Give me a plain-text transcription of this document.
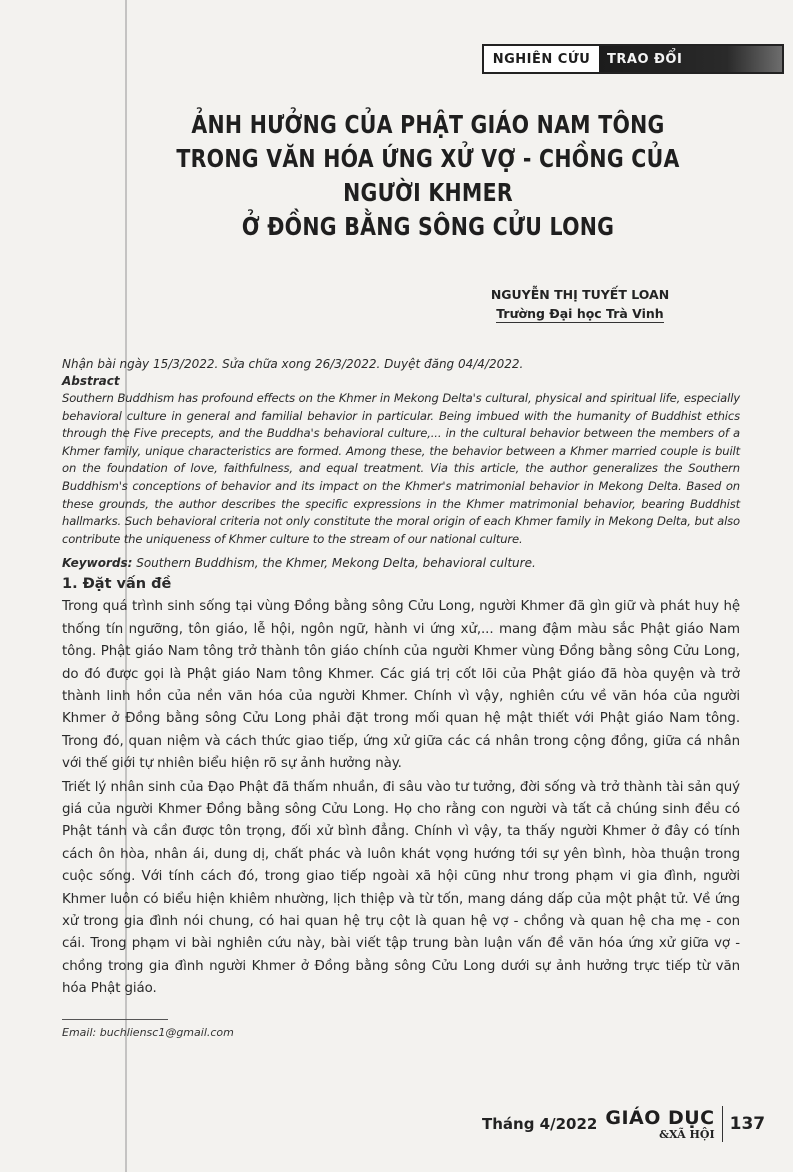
NGHIÊN CỨU	TRAO ĐỔI
ẢNH HƯỞNG CỦA PHẬT GIÁO NAM TÔNG
TRONG VĂN HÓA ỨNG XỬ VỢ - CHỒNG CỦA NGƯỜI KHMER
Ở ĐỒNG BẰNG SÔNG CỬU LONG
NGUYỄN THỊ TUYẾT LOAN
Trường Đại học Trà Vinh

Nhận bài ngày 15/3/2022. Sửa chữa xong 26/3/2022. Duyệt đăng 04/4/2022.

Abstract

Southern Buddhism has profound effects on the Khmer in Mekong Delta's cultural, physical and spiritual life, especially behavioral culture in general and familial behavior in particular. Being imbued with the humanity of Buddhist ethics through the Five precepts, and the Buddha's behavioral culture,... in the cultural behavior between the members of a Khmer family, unique characteristics are formed. Among these, the behavior between a Khmer married couple is built on the foundation of love, faithfulness, and equal treatment. Via this article, the author generalizes the Southern Buddhism's conceptions of behavior and its impact on the Khmer's matrimonial behavior in Mekong Delta. Based on these grounds, the author describes the specific expressions in the Khmer matrimonial behavior, bearing Buddhist hallmarks. Such behavioral criteria not only constitute the moral origin of each Khmer family in Mekong Delta, but also contribute the uniqueness of Khmer culture to the stream of our national culture.

Keywords: Southern Buddhism, the Khmer, Mekong Delta, behavioral culture.

1. Đặt vấn đề

Trong quá trình sinh sống tại vùng Đồng bằng sông Cửu Long, người Khmer đã gìn giữ và phát huy hệ thống tín ngưỡng, tôn giáo, lễ hội, ngôn ngữ, hành vi ứng xử,... mang đậm màu sắc Phật giáo Nam tông. Phật giáo Nam tông trở thành tôn giáo chính của người Khmer vùng Đồng bằng sông Cửu Long, do đó được gọi là Phật giáo Nam tông Khmer. Các giá trị cốt lõi của Phật giáo đã hòa quyện và trở thành linh hồn của nền văn hóa của người Khmer. Chính vì vậy, nghiên cứu về văn hóa của người Khmer ở Đồng bằng sông Cửu Long phải đặt trong mối quan hệ mật thiết với Phật giáo Nam tông. Trong đó, quan niệm và cách thức giao tiếp, ứng xử giữa các cá nhân trong cộng đồng, giữa cá nhân với thế giới tự nhiên biểu hiện rõ sự ảnh hưởng này.

Triết lý nhân sinh của Đạo Phật đã thấm nhuần, đi sâu vào tư tưởng, đời sống và trở thành tài sản quý giá của người Khmer Đồng bằng sông Cửu Long. Họ cho rằng con người và tất cả chúng sinh đều có Phật tánh và cần được tôn trọng, đối xử bình đẳng. Chính vì vậy, ta thấy người Khmer ở đây có tính cách ôn hòa, nhân ái, dung dị, chất phác và luôn khát vọng hướng tới sự yên bình, hòa thuận trong cuộc sống. Với tính cách đó, trong giao tiếp ngoài xã hội cũng như trong phạm vi gia đình, người Khmer luôn có biểu hiện khiêm nhường, lịch thiệp và từ tốn, mang dáng dấp của một phật tử. Về ứng xử trong gia đình nói chung, có hai quan hệ trụ cột là quan hệ vợ - chồng và quan hệ cha mẹ - con cái. Trong phạm vi bài nghiên cứu này, bài viết tập trung bàn luận vấn đề văn hóa ứng xử giữa vợ - chồng trong gia đình người Khmer ở Đồng bằng sông Cửu Long dưới sự ảnh hưởng trực tiếp từ văn hóa Phật giáo.

Email: buchliensc1@gmail.com
Tháng 4/2022 GIÁO DỤC
&XÃ HỘI 137
